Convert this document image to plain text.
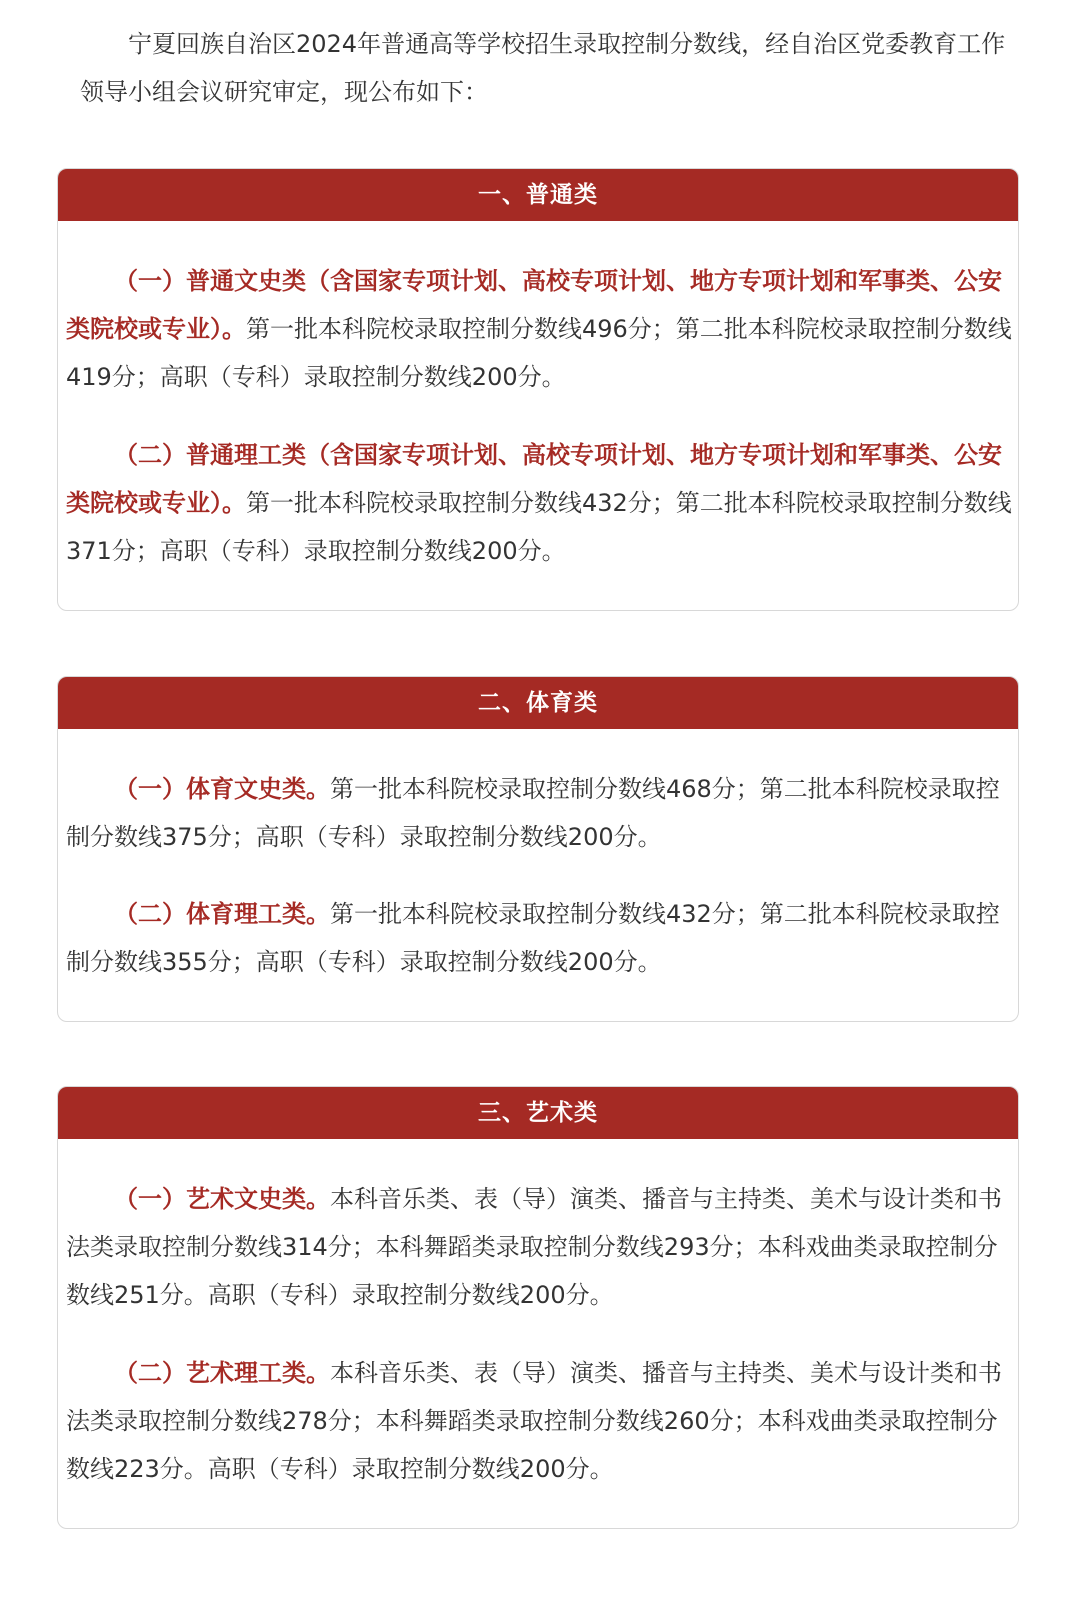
宁夏回族自治区2024年普通高等学校招生录取控制分数线，经自治区党委教育工作领导小组会议研究审定，现公布如下：

一、普通类

（一）普通文史类（含国家专项计划、高校专项计划、地方专项计划和军事类、公安类院校或专业）。第一批本科院校录取控制分数线496分；第二批本科院校录取控制分数线419分；高职（专科）录取控制分数线200分。

（二）普通理工类（含国家专项计划、高校专项计划、地方专项计划和军事类、公安类院校或专业）。第一批本科院校录取控制分数线432分；第二批本科院校录取控制分数线371分；高职（专科）录取控制分数线200分。

二、体育类

（一）体育文史类。第一批本科院校录取控制分数线468分；第二批本科院校录取控制分数线375分；高职（专科）录取控制分数线200分。

（二）体育理工类。第一批本科院校录取控制分数线432分；第二批本科院校录取控制分数线355分；高职（专科）录取控制分数线200分。

三、艺术类

（一）艺术文史类。本科音乐类、表（导）演类、播音与主持类、美术与设计类和书法类录取控制分数线314分；本科舞蹈类录取控制分数线293分；本科戏曲类录取控制分数线251分。高职（专科）录取控制分数线200分。

（二）艺术理工类。本科音乐类、表（导）演类、播音与主持类、美术与设计类和书法类录取控制分数线278分；本科舞蹈类录取控制分数线260分；本科戏曲类录取控制分数线223分。高职（专科）录取控制分数线200分。
